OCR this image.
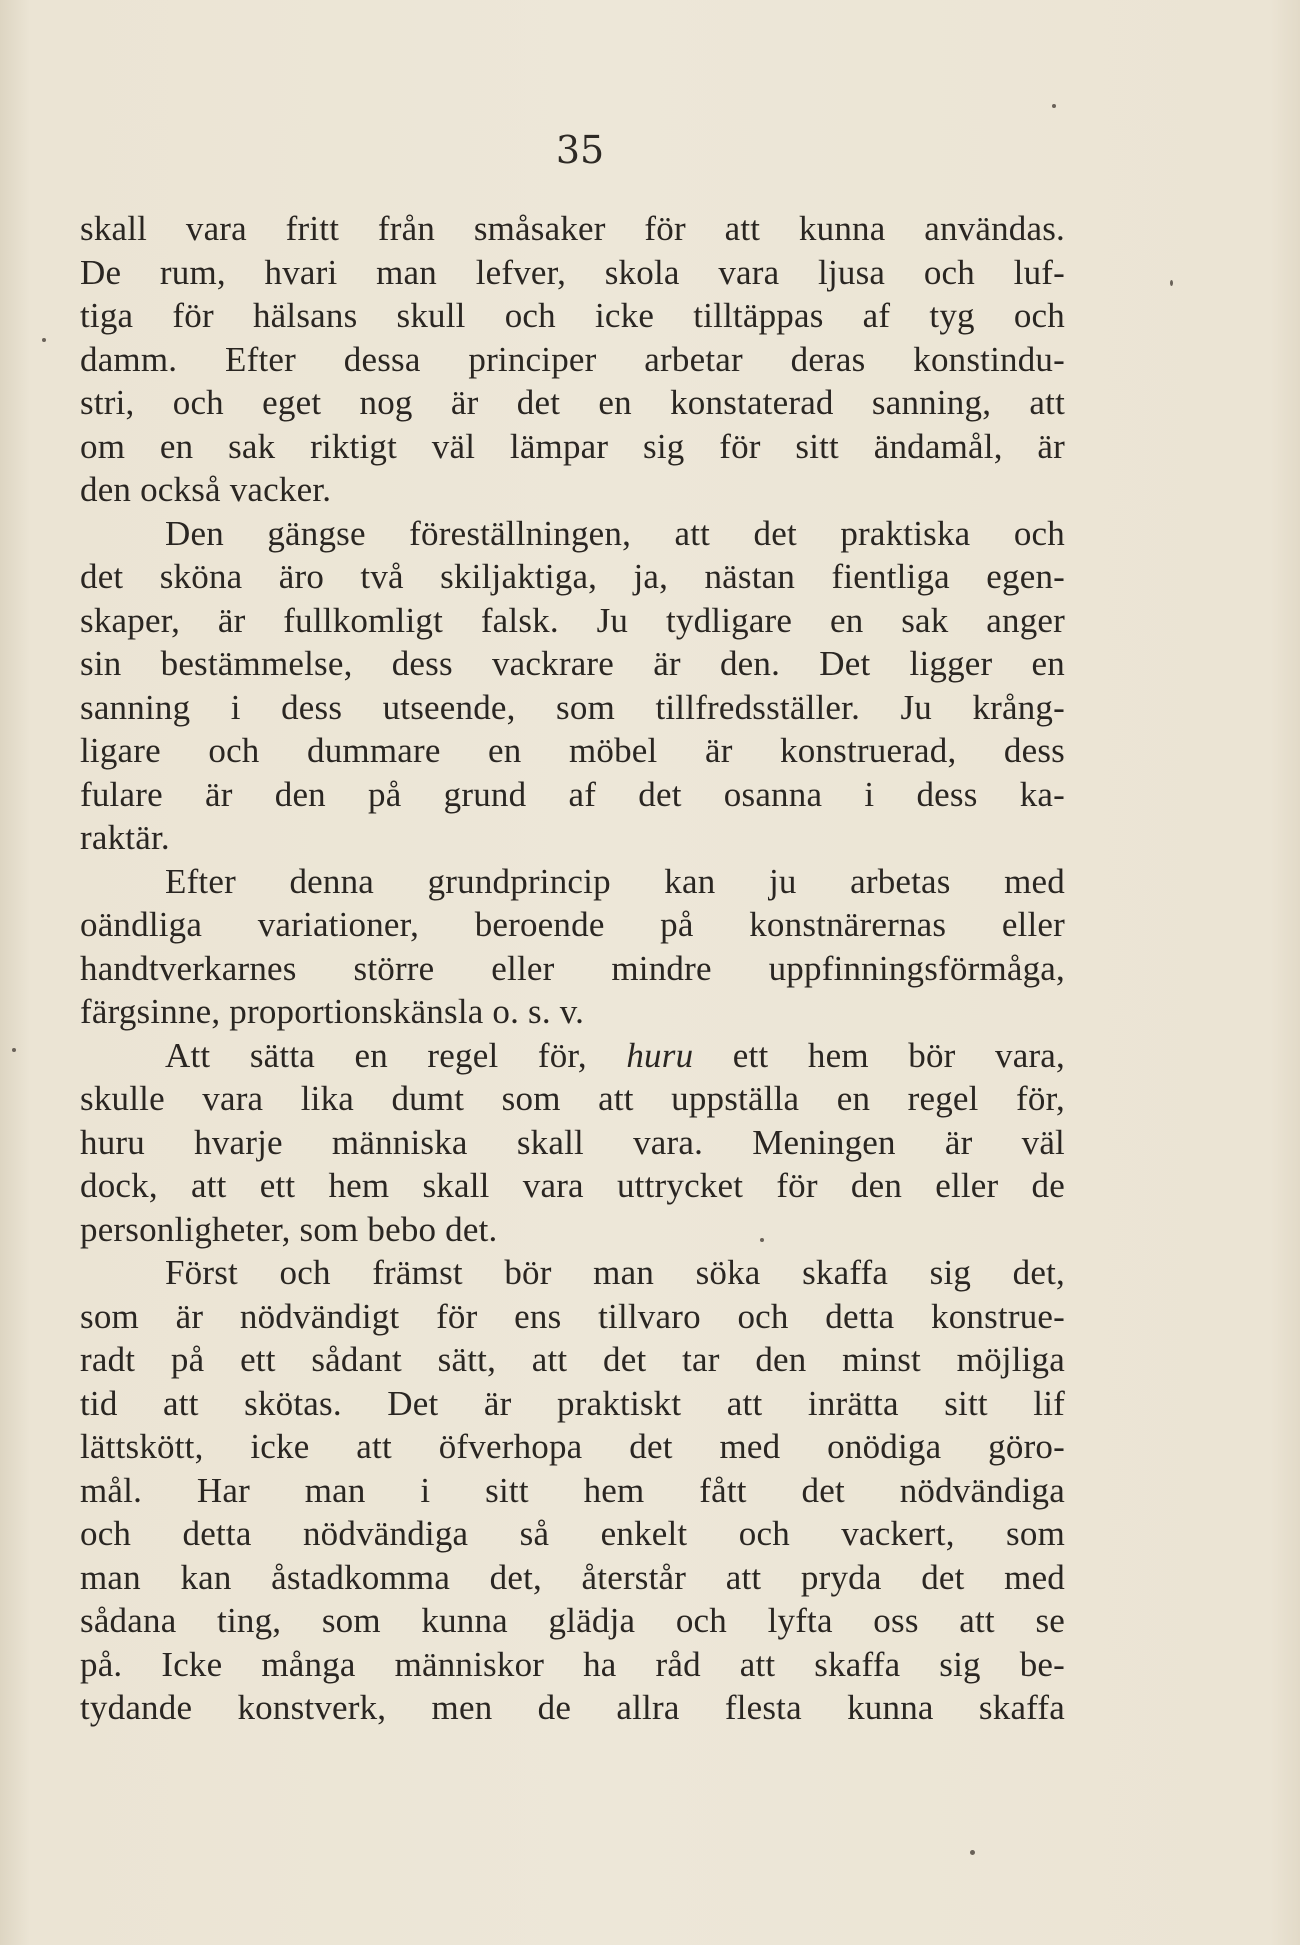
35
skall vara fritt från småsaker för att kunna användas.
De rum, hvari man lefver, skola vara ljusa och luf-
tiga för hälsans skull och icke tilltäppas af tyg och
damm. Efter dessa principer arbetar deras konstindu-
stri, och eget nog är det en konstaterad sanning, att
om en sak riktigt väl lämpar sig för sitt ändamål, är
den också vacker.
Den gängse föreställningen, att det praktiska och
det sköna äro två skiljaktiga, ja, nästan fientliga egen-
skaper, är fullkomligt falsk. Ju tydligare en sak anger
sin bestämmelse, dess vackrare är den. Det ligger en
sanning i dess utseende, som tillfredsställer. Ju krång-
ligare och dummare en möbel är konstruerad, dess
fulare är den på grund af det osanna i dess ka-
raktär.
Efter denna grundprincip kan ju arbetas med
oändliga variationer, beroende på konstnärernas eller
handtverkarnes större eller mindre uppfinningsförmåga,
färgsinne, proportionskänsla o. s. v.
Att sätta en regel för, huru ett hem bör vara,
skulle vara lika dumt som att uppställa en regel för,
huru hvarje människa skall vara. Meningen är väl
dock, att ett hem skall vara uttrycket för den eller de
personligheter, som bebo det.
Först och främst bör man söka skaffa sig det,
som är nödvändigt för ens tillvaro och detta konstrue-
radt på ett sådant sätt, att det tar den minst möjliga
tid att skötas. Det är praktiskt att inrätta sitt lif
lättskött, icke att öfverhopa det med onödiga göro-
mål. Har man i sitt hem fått det nödvändiga
och detta nödvändiga så enkelt och vackert, som
man kan åstadkomma det, återstår att pryda det med
sådana ting, som kunna glädja och lyfta oss att se
på. Icke många människor ha råd att skaffa sig be-
tydande konstverk, men de allra flesta kunna skaffa
